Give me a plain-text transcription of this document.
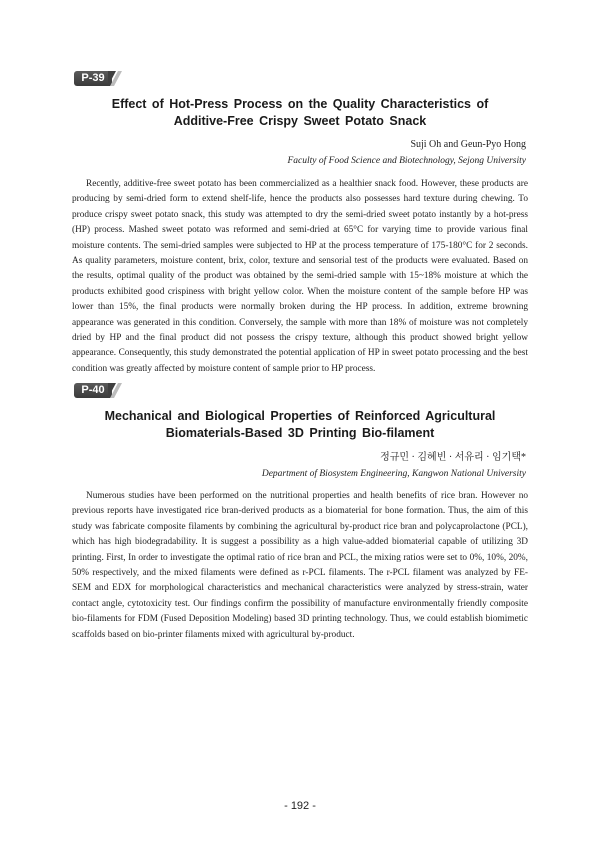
P-39
Effect of Hot-Press Process on the Quality Characteristics of
Additive-Free Crispy Sweet Potato Snack
Suji Oh and Geun-Pyo Hong
Faculty of Food Science and Biotechnology, Sejong University
Recently, additive-free sweet potato has been commercialized as a healthier snack food. However, these products are producing by semi-dried form to extend shelf-life, hence the products also possesses hard texture during chewing. To produce crispy sweet potato snack, this study was attempted to dry the semi-dried sweet potato instantly by a hot-press (HP) process. Mashed sweet potato was reformed and semi-dried at 65°C for varying time to provide various final moisture contents. The semi-dried samples were subjected to HP at the process temperature of 175-180°C for 2 seconds. As quality parameters, moisture content, brix, color, texture and sensorial test of the products were evaluated. Based on the results, optimal quality of the product was obtained by the semi-dried sample with 15~18% moisture at which the products exhibited good crispiness with bright yellow color. When the moisture content of the sample before HP was lower than 15%, the final products were normally broken during the HP process. In addition, extreme browning appearance was generated in this condition. Conversely, the sample with more than 18% of moisture was not completely dried by HP and the final product did not possess the crispy texture, although this product showed bright yellow appearance. Consequently, this study demonstrated the potential application of HP in sweet potato processing and the best condition was greatly affected by moisture content of sample prior to HP process.
P-40
Mechanical and Biological Properties of Reinforced Agricultural
Biomaterials-Based 3D Printing Bio-filament
정규민 · 김혜빈 · 서유리 · 임기택*
Department of Biosystem Engineering, Kangwon National University
Numerous studies have been performed on the nutritional properties and health benefits of rice bran. However no previous reports have investigated rice bran-derived products as a biomaterial for bone formation. Thus, the aim of this study was fabricate composite filaments by combining the agricultural by-product rice bran and polycaprolactone (PCL), which has high biodegradability. It is suggest a possibility as a high value-added biomaterial capable of utilizing 3D printing. First, In order to investigate the optimal ratio of rice bran and PCL, the mixing ratios were set to 0%, 10%, 20%, 50% respectively, and the mixed filaments were defined as r-PCL filaments. The r-PCL filament was analyzed by FE-SEM and EDX for morphological characteristics and mechanical characteristics were analyzed by stress-strain, water contact angle, cytotoxicity test. Our findings confirm the possibility of manufacture environmentally friendly composite bio-filaments for FDM (Fused Deposition Modeling) based 3D printing technology. Thus, we could establish biomimetic scaffolds based on bio-printer filaments mixed with agricultural by-product.
- 192 -
